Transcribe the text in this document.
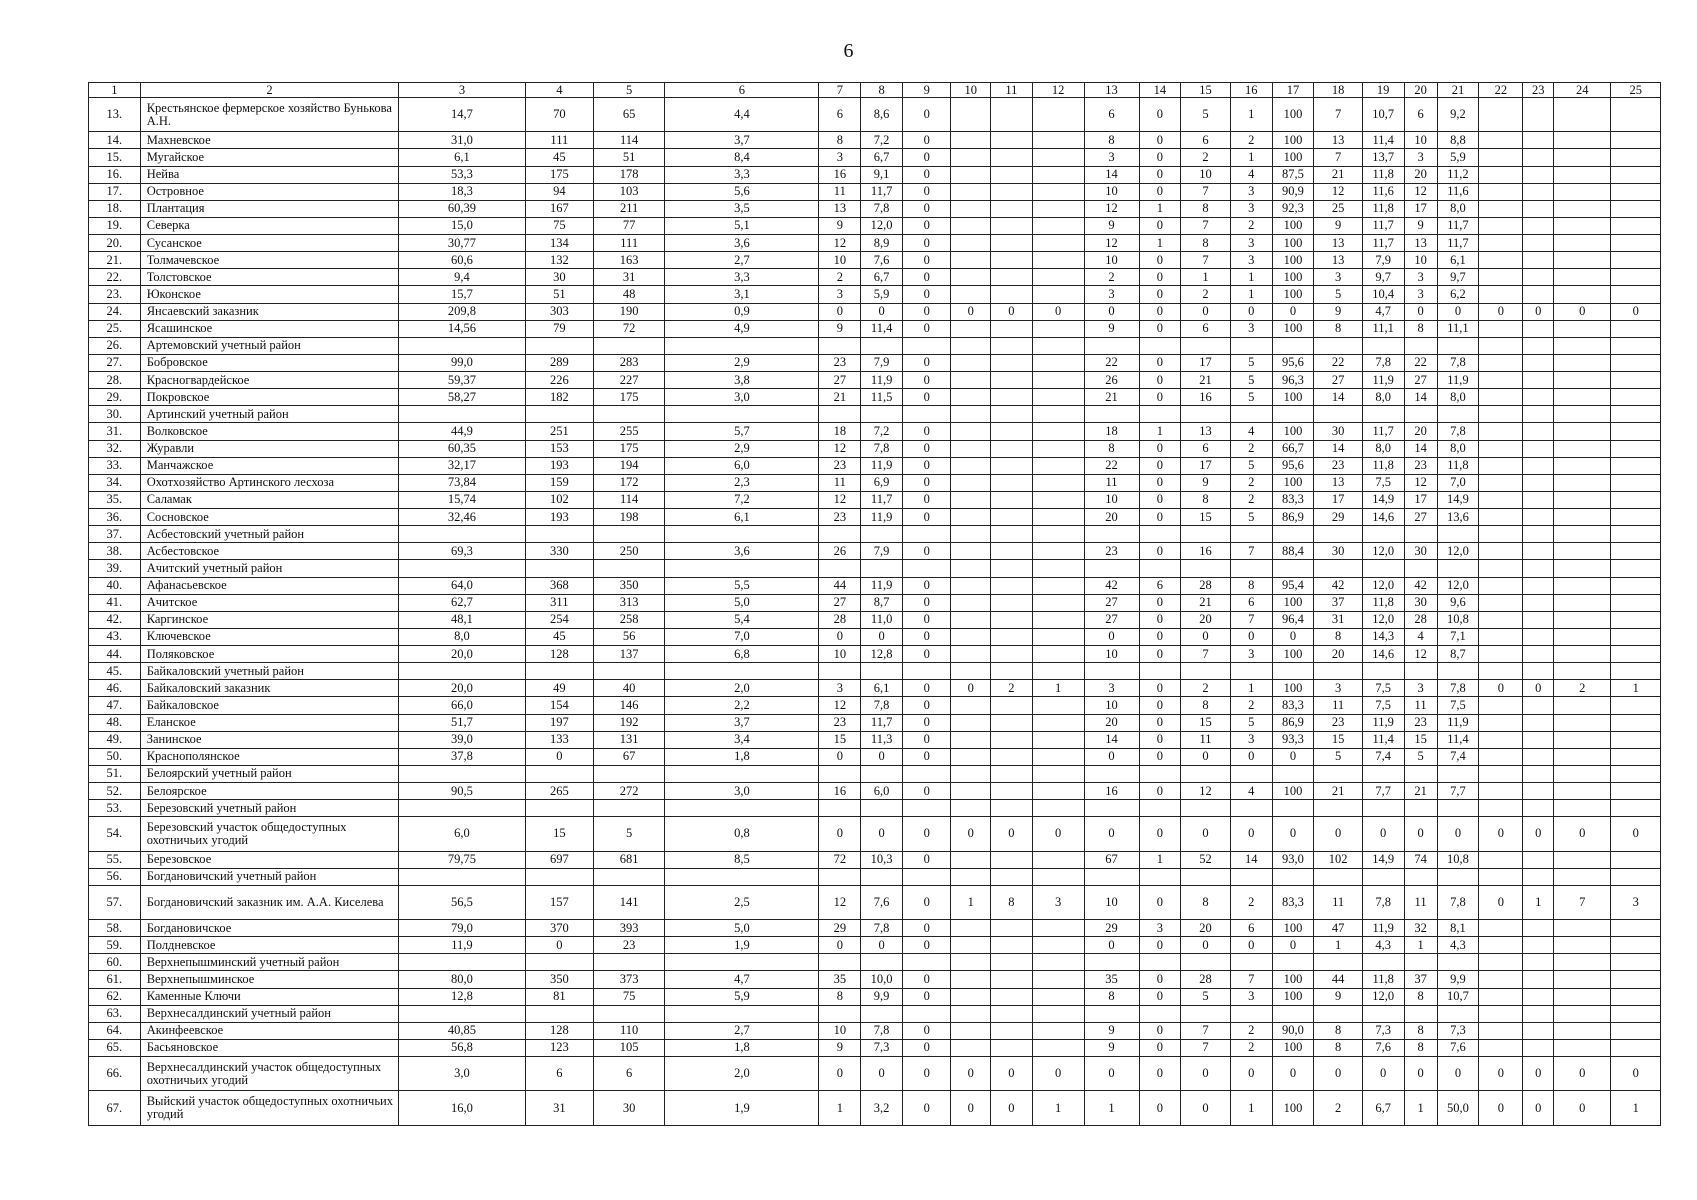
6
1	2	3	4	5	6	7	8	9	10	11	12	13	14	15	16	17	18	19	20	21	22	23	24	25
13.	Крестьянское фермерское хозяйство Бунькова А.Н.	14,7	70	65	4,4	6	8,6	0				6	0	5	1	100	7	10,7	6	9,2				
14.	Махневское	31,0	111	114	3,7	8	7,2	0				8	0	6	2	100	13	11,4	10	8,8				
15.	Мугайское	6,1	45	51	8,4	3	6,7	0				3	0	2	1	100	7	13,7	3	5,9				
16.	Нейва	53,3	175	178	3,3	16	9,1	0				14	0	10	4	87,5	21	11,8	20	11,2				
17.	Островное	18,3	94	103	5,6	11	11,7	0				10	0	7	3	90,9	12	11,6	12	11,6				
18.	Плантация	60,39	167	211	3,5	13	7,8	0				12	1	8	3	92,3	25	11,8	17	8,0				
19.	Северка	15,0	75	77	5,1	9	12,0	0				9	0	7	2	100	9	11,7	9	11,7				
20.	Сусанское	30,77	134	111	3,6	12	8,9	0				12	1	8	3	100	13	11,7	13	11,7				
21.	Толмачевское	60,6	132	163	2,7	10	7,6	0				10	0	7	3	100	13	7,9	10	6,1				
22.	Толстовское	9,4	30	31	3,3	2	6,7	0				2	0	1	1	100	3	9,7	3	9,7				
23.	Юконское	15,7	51	48	3,1	3	5,9	0				3	0	2	1	100	5	10,4	3	6,2				
24.	Янсаевский заказник	209,8	303	190	0,9	0	0	0	0	0	0	0	0	0	0	0	9	4,7	0	0	0	0	0	0
25.	Ясашинское	14,56	79	72	4,9	9	11,4	0				9	0	6	3	100	8	11,1	8	11,1				
26.	Артемовский учетный район																							
27.	Бобровское	99,0	289	283	2,9	23	7,9	0				22	0	17	5	95,6	22	7,8	22	7,8				
28.	Красногвардейское	59,37	226	227	3,8	27	11,9	0				26	0	21	5	96,3	27	11,9	27	11,9				
29.	Покровское	58,27	182	175	3,0	21	11,5	0				21	0	16	5	100	14	8,0	14	8,0				
30.	Артинский учетный район																							
31.	Волковское	44,9	251	255	5,7	18	7,2	0				18	1	13	4	100	30	11,7	20	7,8				
32.	Журавли	60,35	153	175	2,9	12	7,8	0				8	0	6	2	66,7	14	8,0	14	8,0				
33.	Манчажское	32,17	193	194	6,0	23	11,9	0				22	0	17	5	95,6	23	11,8	23	11,8				
34.	Охотхозяйство Артинского лесхоза	73,84	159	172	2,3	11	6,9	0				11	0	9	2	100	13	7,5	12	7,0				
35.	Саламак	15,74	102	114	7,2	12	11,7	0				10	0	8	2	83,3	17	14,9	17	14,9				
36.	Сосновское	32,46	193	198	6,1	23	11,9	0				20	0	15	5	86,9	29	14,6	27	13,6				
37.	Асбестовский учетный район																							
38.	Асбестовское	69,3	330	250	3,6	26	7,9	0				23	0	16	7	88,4	30	12,0	30	12,0				
39.	Ачитский учетный район																							
40.	Афанасьевское	64,0	368	350	5,5	44	11,9	0				42	6	28	8	95,4	42	12,0	42	12,0				
41.	Ачитское	62,7	311	313	5,0	27	8,7	0				27	0	21	6	100	37	11,8	30	9,6				
42.	Каргинское	48,1	254	258	5,4	28	11,0	0				27	0	20	7	96,4	31	12,0	28	10,8				
43.	Ключевское	8,0	45	56	7,0	0	0	0				0	0	0	0	0	8	14,3	4	7,1				
44.	Поляковское	20,0	128	137	6,8	10	12,8	0				10	0	7	3	100	20	14,6	12	8,7				
45.	Байкаловский учетный район																							
46.	Байкаловский заказник	20,0	49	40	2,0	3	6,1	0	0	2	1	3	0	2	1	100	3	7,5	3	7,8	0	0	2	1
47.	Байкаловское	66,0	154	146	2,2	12	7,8	0				10	0	8	2	83,3	11	7,5	11	7,5				
48.	Еланское	51,7	197	192	3,7	23	11,7	0				20	0	15	5	86,9	23	11,9	23	11,9				
49.	Занинское	39,0	133	131	3,4	15	11,3	0				14	0	11	3	93,3	15	11,4	15	11,4				
50.	Краснополянское	37,8	0	67	1,8	0	0	0				0	0	0	0	0	5	7,4	5	7,4				
51.	Белоярский учетный район																							
52.	Белоярское	90,5	265	272	3,0	16	6,0	0				16	0	12	4	100	21	7,7	21	7,7				
53.	Березовский учетный район																							
54.	Березовский участок общедоступных охотничьих угодий	6,0	15	5	0,8	0	0	0	0	0	0	0	0	0	0	0	0	0	0	0	0	0	0	0
55.	Березовское	79,75	697	681	8,5	72	10,3	0				67	1	52	14	93,0	102	14,9	74	10,8				
56.	Богдановичский учетный район																							
57.	Богдановичский заказник им. А.А. Киселева	56,5	157	141	2,5	12	7,6	0	1	8	3	10	0	8	2	83,3	11	7,8	11	7,8	0	1	7	3
58.	Богдановичское	79,0	370	393	5,0	29	7,8	0				29	3	20	6	100	47	11,9	32	8,1				
59.	Полдневское	11,9	0	23	1,9	0	0	0				0	0	0	0	0	1	4,3	1	4,3				
60.	Верхнепышминский учетный район																							
61.	Верхнепышминское	80,0	350	373	4,7	35	10,0	0				35	0	28	7	100	44	11,8	37	9,9				
62.	Каменные Ключи	12,8	81	75	5,9	8	9,9	0				8	0	5	3	100	9	12,0	8	10,7				
63.	Верхнесалдинский учетный район																							
64.	Акинфеевское	40,85	128	110	2,7	10	7,8	0				9	0	7	2	90,0	8	7,3	8	7,3				
65.	Басьяновское	56,8	123	105	1,8	9	7,3	0				9	0	7	2	100	8	7,6	8	7,6				
66.	Верхнесалдинский участок общедоступных охотничьих угодий	3,0	6	6	2,0	0	0	0	0	0	0	0	0	0	0	0	0	0	0	0	0	0	0	0
67.	Выйский участок общедоступных охотничьих угодий	16,0	31	30	1,9	1	3,2	0	0	0	1	1	0	0	1	100	2	6,7	1	50,0	0	0	0	1
